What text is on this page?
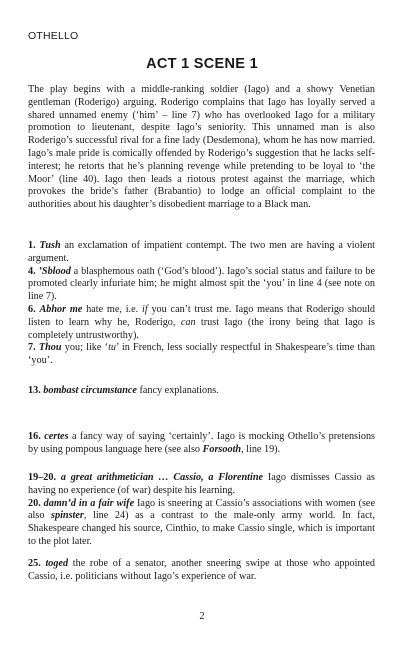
OTHELLO
ACT 1 SCENE 1

The play begins with a middle-ranking soldier (Iago) and a showy Venetian gentleman (Roderigo) arguing. Roderigo complains that Iago has loyally served a shared unnamed enemy (‘him’ – line 7) who has overlooked Iago for a military promotion to lieutenant, despite Iago’s seniority. This unnamed man is also Roderigo’s successful rival for a fine lady (Desdemona), whom he has now married. Iago’s male pride is comically offended by Roderigo’s suggestion that he lacks self-interest; he retorts that he’s planning revenge while pretending to be loyal to ‘the Moor’ (line 40). Iago then leads a riotous protest against the marriage, which provokes the bride’s father (Brabantio) to lodge an official complaint to the authorities about his daughter’s disobedient marriage to a Black man.

1. Tush an exclamation of impatient contempt. The two men are having a violent argument.

4. ’Sblood a blasphemous oath (‘God’s blood’). Iago’s social status and failure to be promoted clearly infuriate him; he might almost spit the ‘you’ in line 4 (see note on line 7).

6. Abhor me hate me, i.e. if you can’t trust me. Iago means that Roderigo should listen to learn why he, Roderigo, can trust Iago (the irony being that Iago is completely untrustworthy).

7. Thou you; like ‘tu’ in French, less socially respectful in Shakespeare’s time than ‘you’.

13. bombast circumstance fancy explanations.

16. certes a fancy way of saying ‘certainly’. Iago is mocking Othello’s pretensions by using pompous language here (see also Forsooth, line 19).

19–20. a great arithmetician … Cassio, a Florentine Iago dismisses Cassio as having no experience (of war) despite his learning.

20. damn’d in a fair wife Iago is sneering at Cassio’s associations with women (see also spinster, line 24) as a contrast to the male-only army world. In fact, Shakespeare changed his source, Cinthio, to make Cassio single, which is important to the plot later.

25. toged the robe of a senator, another sneering swipe at those who appointed Cassio, i.e. politicians without Iago’s experience of war.

2
